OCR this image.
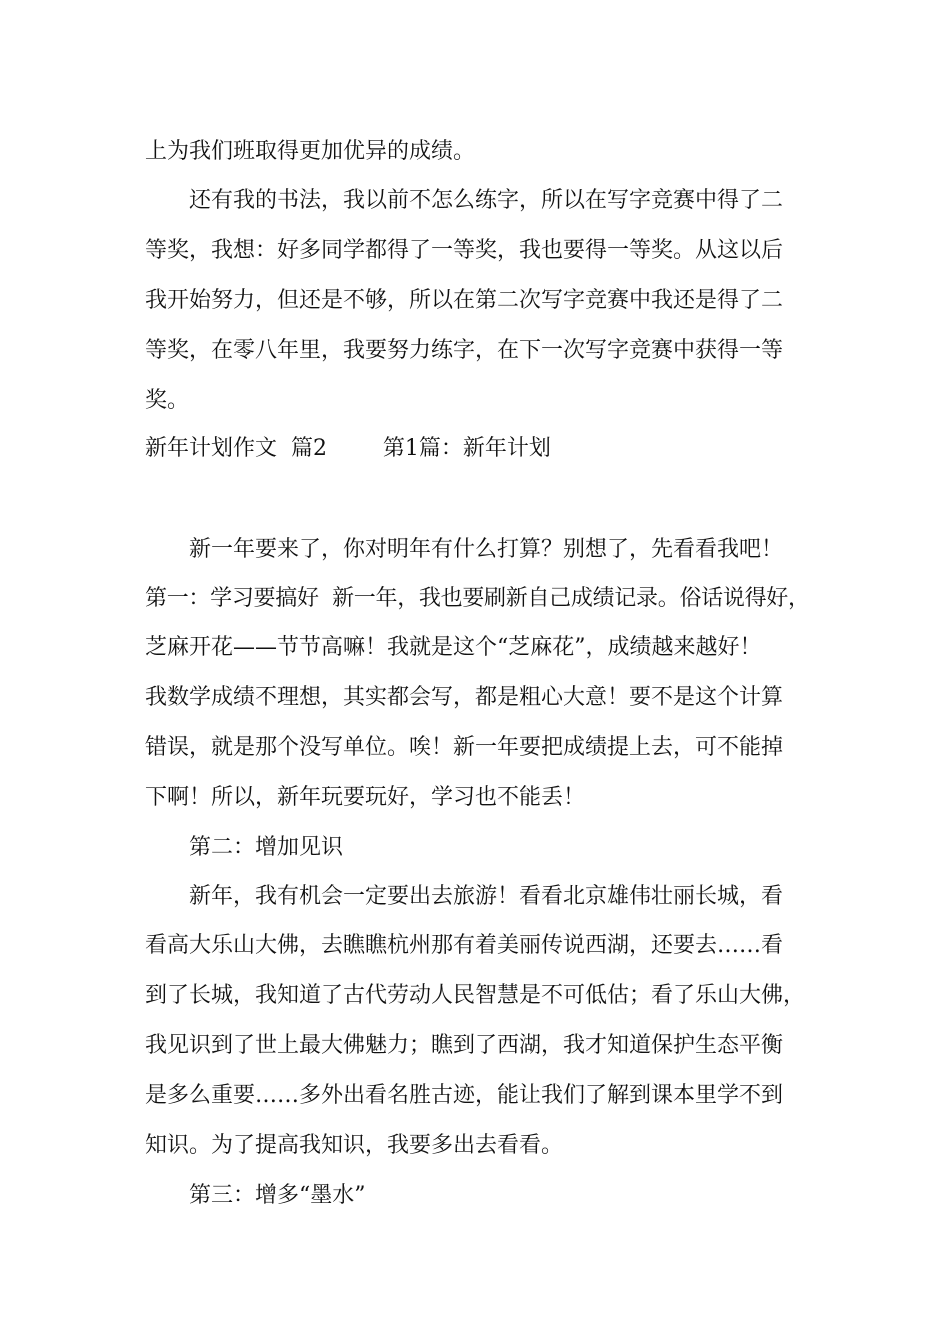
上为我们班取得更加优异的成绩。

还有我的书法，我以前不怎么练字，所以在写字竞赛中得了二

等奖，我想：好多同学都得了一等奖，我也要得一等奖。从这以后

我开始努力，但还是不够，所以在第二次写字竞赛中我还是得了二

等奖，在零八年里，我要努力练字，在下一次写字竞赛中获得一等

奖。

新年计划作文  篇2        第1篇：新年计划

新一年要来了，你对明年有什么打算？别想了，先看看我吧！

第一：学习要搞好  新一年，我也要刷新自己成绩记录。俗话说得好，

芝麻开花——节节高嘛！我就是这个“芝麻花”，成绩越来越好！

我数学成绩不理想，其实都会写，都是粗心大意！要不是这个计算

错误，就是那个没写单位。唉！新一年要把成绩提上去，可不能掉

下啊！所以，新年玩要玩好，学习也不能丢！

第二：增加见识

新年，我有机会一定要出去旅游！看看北京雄伟壮丽长城，看

看高大乐山大佛，去瞧瞧杭州那有着美丽传说西湖，还要去……看

到了长城，我知道了古代劳动人民智慧是不可低估；看了乐山大佛，

我见识到了世上最大佛魅力；瞧到了西湖，我才知道保护生态平衡

是多么重要……多外出看名胜古迹，能让我们了解到课本里学不到

知识。为了提高我知识，我要多出去看看。

第三：增多“墨水”
